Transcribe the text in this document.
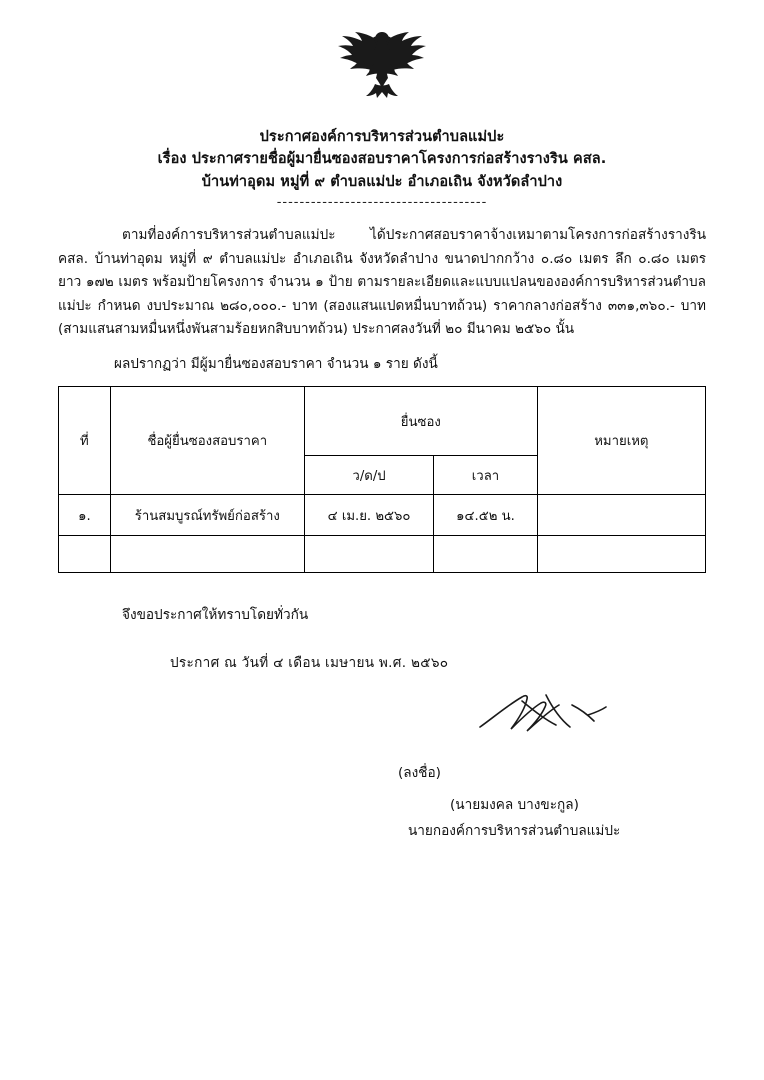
ประกาศองค์การบริหารส่วนตำบลแม่ปะ
เรื่อง ประกาศรายชื่อผู้มายื่นซองสอบราคาโครงการก่อสร้างรางริน คสล.
บ้านท่าอุดม หมู่ที่ ๙ ตำบลแม่ปะ อำเภอเถิน จังหวัดลำปาง
-------------------------------------

ตามที่องค์การบริหารส่วนตำบลแม่ปะ ได้ประกาศสอบราคาจ้างเหมาตามโครงการก่อสร้างรางริน คสล. บ้านท่าอุดม หมู่ที่ ๙ ตำบลแม่ปะ อำเภอเถิน จังหวัดลำปาง ขนาดปากกว้าง ๐.๘๐ เมตร ลึก ๐.๘๐ เมตร ยาว ๑๗๒ เมตร พร้อมป้ายโครงการ จำนวน ๑ ป้าย ตามรายละเอียดและแบบแปลนขององค์การบริหารส่วนตำบลแม่ปะ กำหนด งบประมาณ ๒๘๐,๐๐๐.- บาท (สองแสนแปดหมื่นบาทถ้วน) ราคากลางก่อสร้าง ๓๓๑,๓๖๐.- บาท (สามแสนสามหมื่นหนึ่งพันสามร้อยหกสิบบาทถ้วน) ประกาศลงวันที่ ๒๐ มีนาคม ๒๕๖๐ นั้น

ผลปรากฏว่า มีผู้มายื่นซองสอบราคา จำนวน ๑ ราย ดังนี้
ที่	ชื่อผู้ยื่นซองสอบราคา	ยื่นซอง		หมายเหตุ
		ว/ด/ป	เวลา	
๑.	ร้านสมบูรณ์ทรัพย์ก่อสร้าง	๔ เม.ย. ๒๕๖๐	๑๔.๕๒ น.	

จึงขอประกาศให้ทราบโดยทั่วกัน
ประกาศ ณ วันที่ ๔ เดือน เมษายน พ.ศ. ๒๕๖๐
(ลงชื่อ)
(นายมงคล บางขะกูล)
นายกองค์การบริหารส่วนตำบลแม่ปะ
